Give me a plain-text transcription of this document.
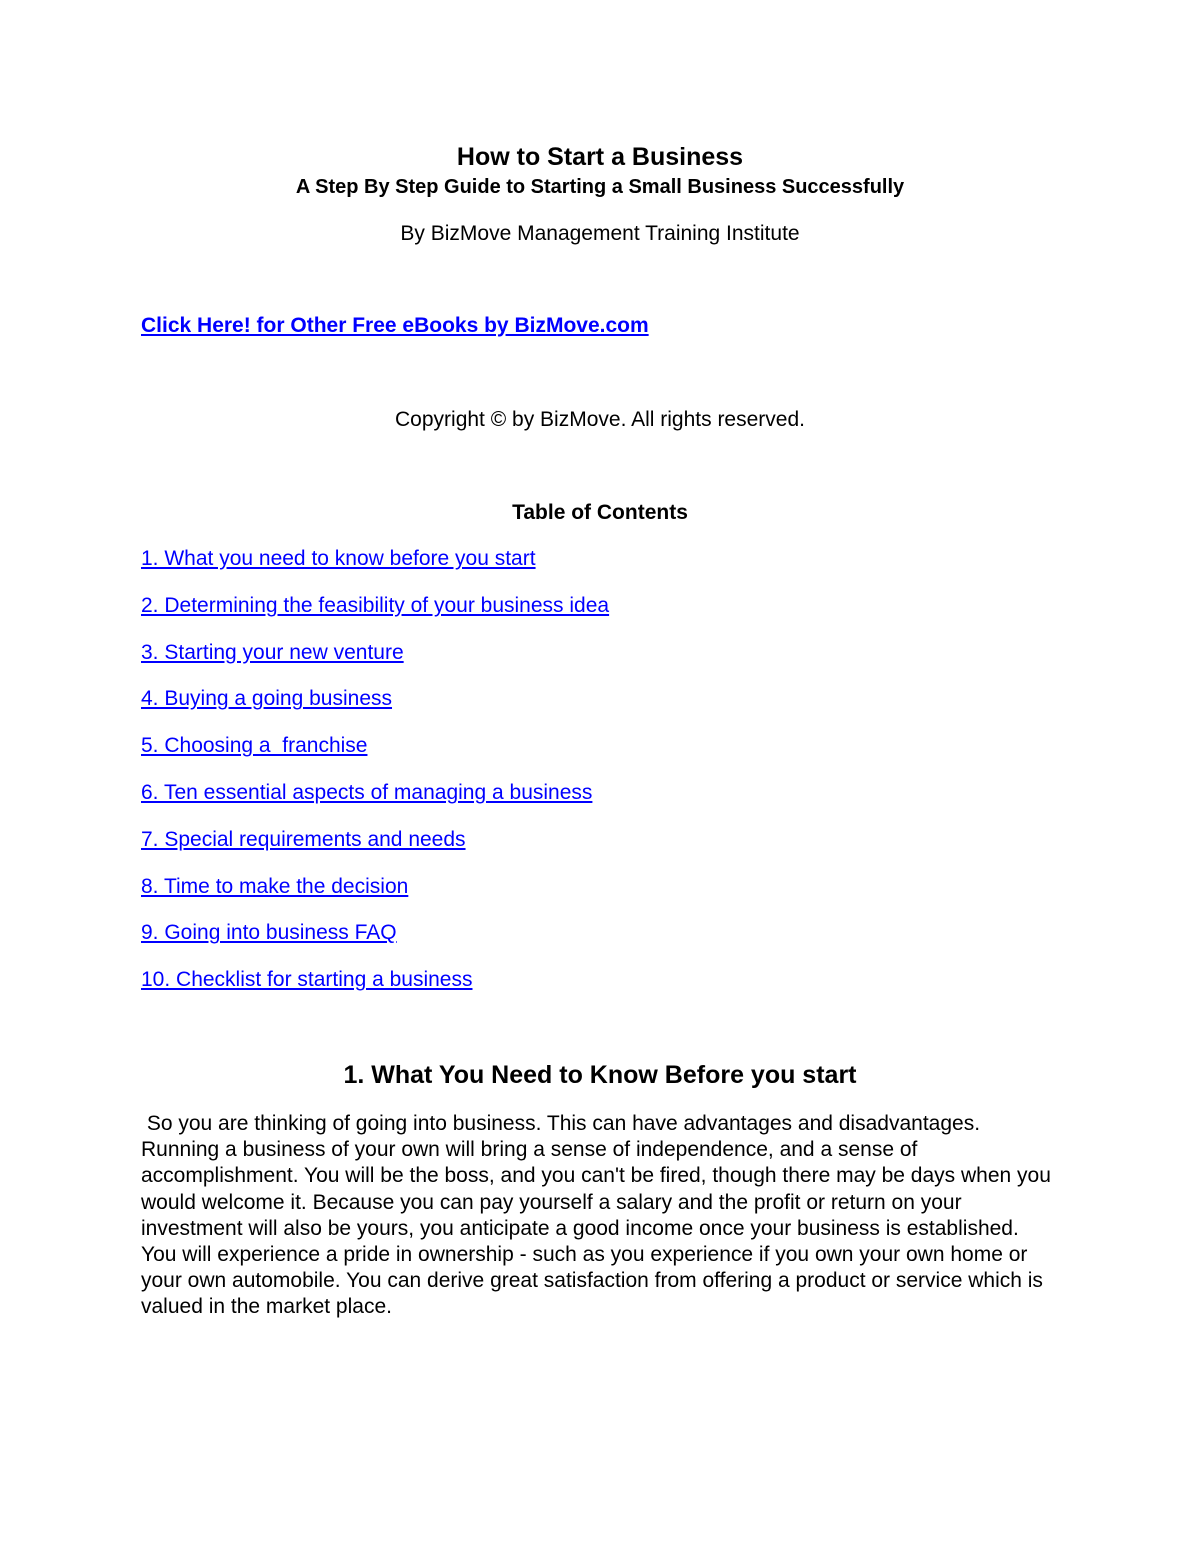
How to Start a Business
A Step By Step Guide to Starting a Small Business Successfully
By BizMove Management Training Institute
Click Here! for Other Free eBooks by BizMove.com
Copyright © by BizMove. All rights reserved.
Table of Contents
1. What you need to know before you start
2. Determining the feasibility of your business idea
3. Starting your new venture
4. Buying a going business
5. Choosing a  franchise
6. Ten essential aspects of managing a business
7. Special requirements and needs
8. Time to make the decision
9. Going into business FAQ
10. Checklist for starting a business
1. What You Need to Know Before you start
So you are thinking of going into business. This can have advantages and disadvantages. Running a business of your own will bring a sense of independence, and a sense of accomplishment. You will be the boss, and you can't be fired, though there may be days when you would welcome it. Because you can pay yourself a salary and the profit or return on your investment will also be yours, you anticipate a good income once your business is established. You will experience a pride in ownership - such as you experience if you own your own home or your own automobile. You can derive great satisfaction from offering a product or service which is valued in the market place.
